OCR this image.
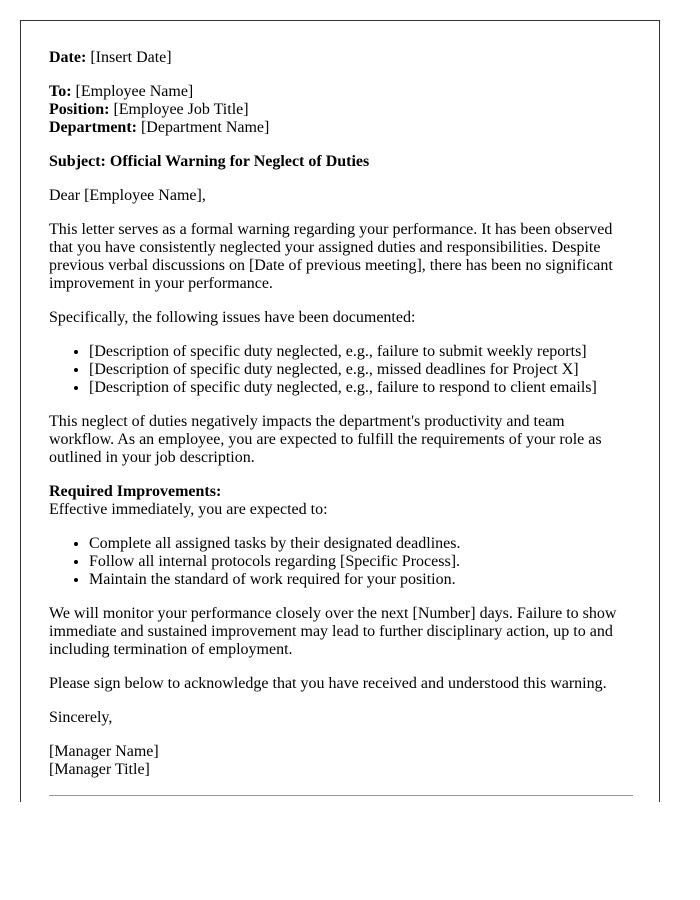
Date: [Insert Date]

To: [Employee Name]
Position: [Employee Job Title]
Department: [Department Name]

Subject: Official Warning for Neglect of Duties

Dear [Employee Name],

This letter serves as a formal warning regarding your performance. It has been observed that you have consistently neglected your assigned duties and responsibilities. Despite previous verbal discussions on [Date of previous meeting], there has been no significant improvement in your performance.

Specifically, the following issues have been documented:

• [Description of specific duty neglected, e.g., failure to submit weekly reports]
• [Description of specific duty neglected, e.g., missed deadlines for Project X]
• [Description of specific duty neglected, e.g., failure to respond to client emails]

This neglect of duties negatively impacts the department's productivity and team workflow. As an employee, you are expected to fulfill the requirements of your role as outlined in your job description.

Required Improvements:
Effective immediately, you are expected to:

• Complete all assigned tasks by their designated deadlines.
• Follow all internal protocols regarding [Specific Process].
• Maintain the standard of work required for your position.

We will monitor your performance closely over the next [Number] days. Failure to show immediate and sustained improvement may lead to further disciplinary action, up to and including termination of employment.

Please sign below to acknowledge that you have received and understood this warning.

Sincerely,

[Manager Name]
[Manager Title]
